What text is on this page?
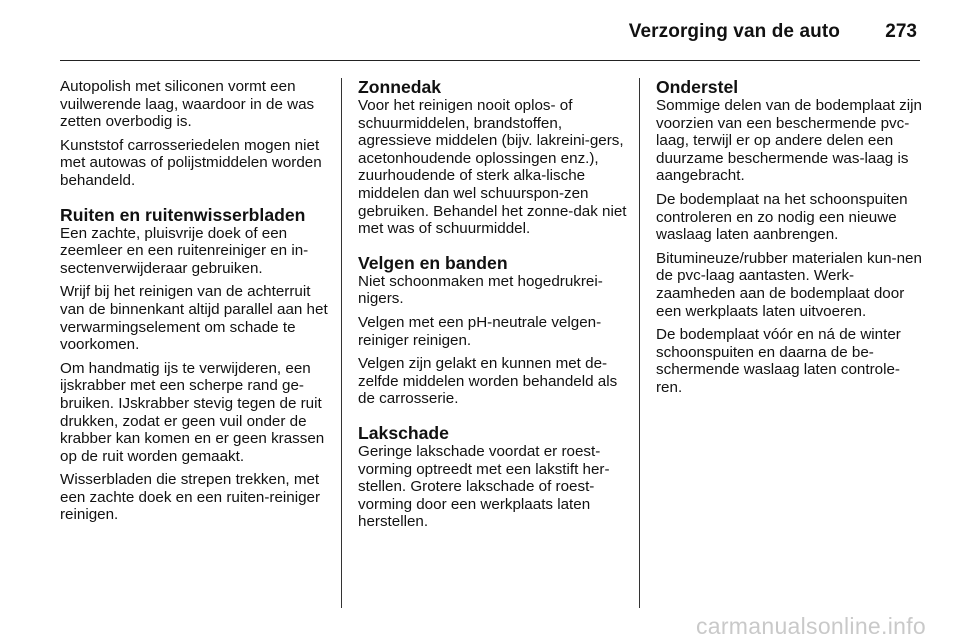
Verzorging van de auto 273

Autopolish met siliconen vormt een vuilwerende laag, waardoor in de was zetten overbodig is.

Kunststof carrosseriedelen mogen niet met autowas of polijstmiddelen worden behandeld.

Ruiten en ruitenwisserbladen

Een zachte, pluisvrije doek of een zeemleer en een ruitenreiniger en in-sectenverwijderaar gebruiken.

Wrijf bij het reinigen van de achterruit van de binnenkant altijd parallel aan het verwarmingselement om schade te voorkomen.

Om handmatig ijs te verwijderen, een ijskrabber met een scherpe rand ge-bruiken. IJskrabber stevig tegen de ruit drukken, zodat er geen vuil onder de krabber kan komen en er geen krassen op de ruit worden gemaakt.

Wisserbladen die strepen trekken, met een zachte doek en een ruiten-reiniger reinigen.

Zonnedak

Voor het reinigen nooit oplos- of schuurmiddelen, brandstoffen, agressieve middelen (bijv. lakreini-gers, acetonhoudende oplossingen enz.), zuurhoudende of sterk alka-lische middelen dan wel schuurspon-zen gebruiken. Behandel het zonne-dak niet met was of schuurmiddel.

Velgen en banden

Niet schoonmaken met hogedrukrei-nigers.

Velgen met een pH-neutrale velgen-reiniger reinigen.

Velgen zijn gelakt en kunnen met de-zelfde middelen worden behandeld als de carrosserie.

Lakschade

Geringe lakschade voordat er roest-vorming optreedt met een lakstift her-stellen. Grotere lakschade of roest-vorming door een werkplaats laten herstellen.

Onderstel

Sommige delen van de bodemplaat zijn voorzien van een beschermende pvc-laag, terwijl er op andere delen een duurzame beschermende was-laag is aangebracht.

De bodemplaat na het schoonspuiten controleren en zo nodig een nieuwe waslaag laten aanbrengen.

Bitumineuze/rubber materialen kun-nen de pvc-laag aantasten. Werk-zaamheden aan de bodemplaat door een werkplaats laten uitvoeren.

De bodemplaat vóór en ná de winter schoonspuiten en daarna de be-schermende waslaag laten controle-ren.

carmanualsonline.info
